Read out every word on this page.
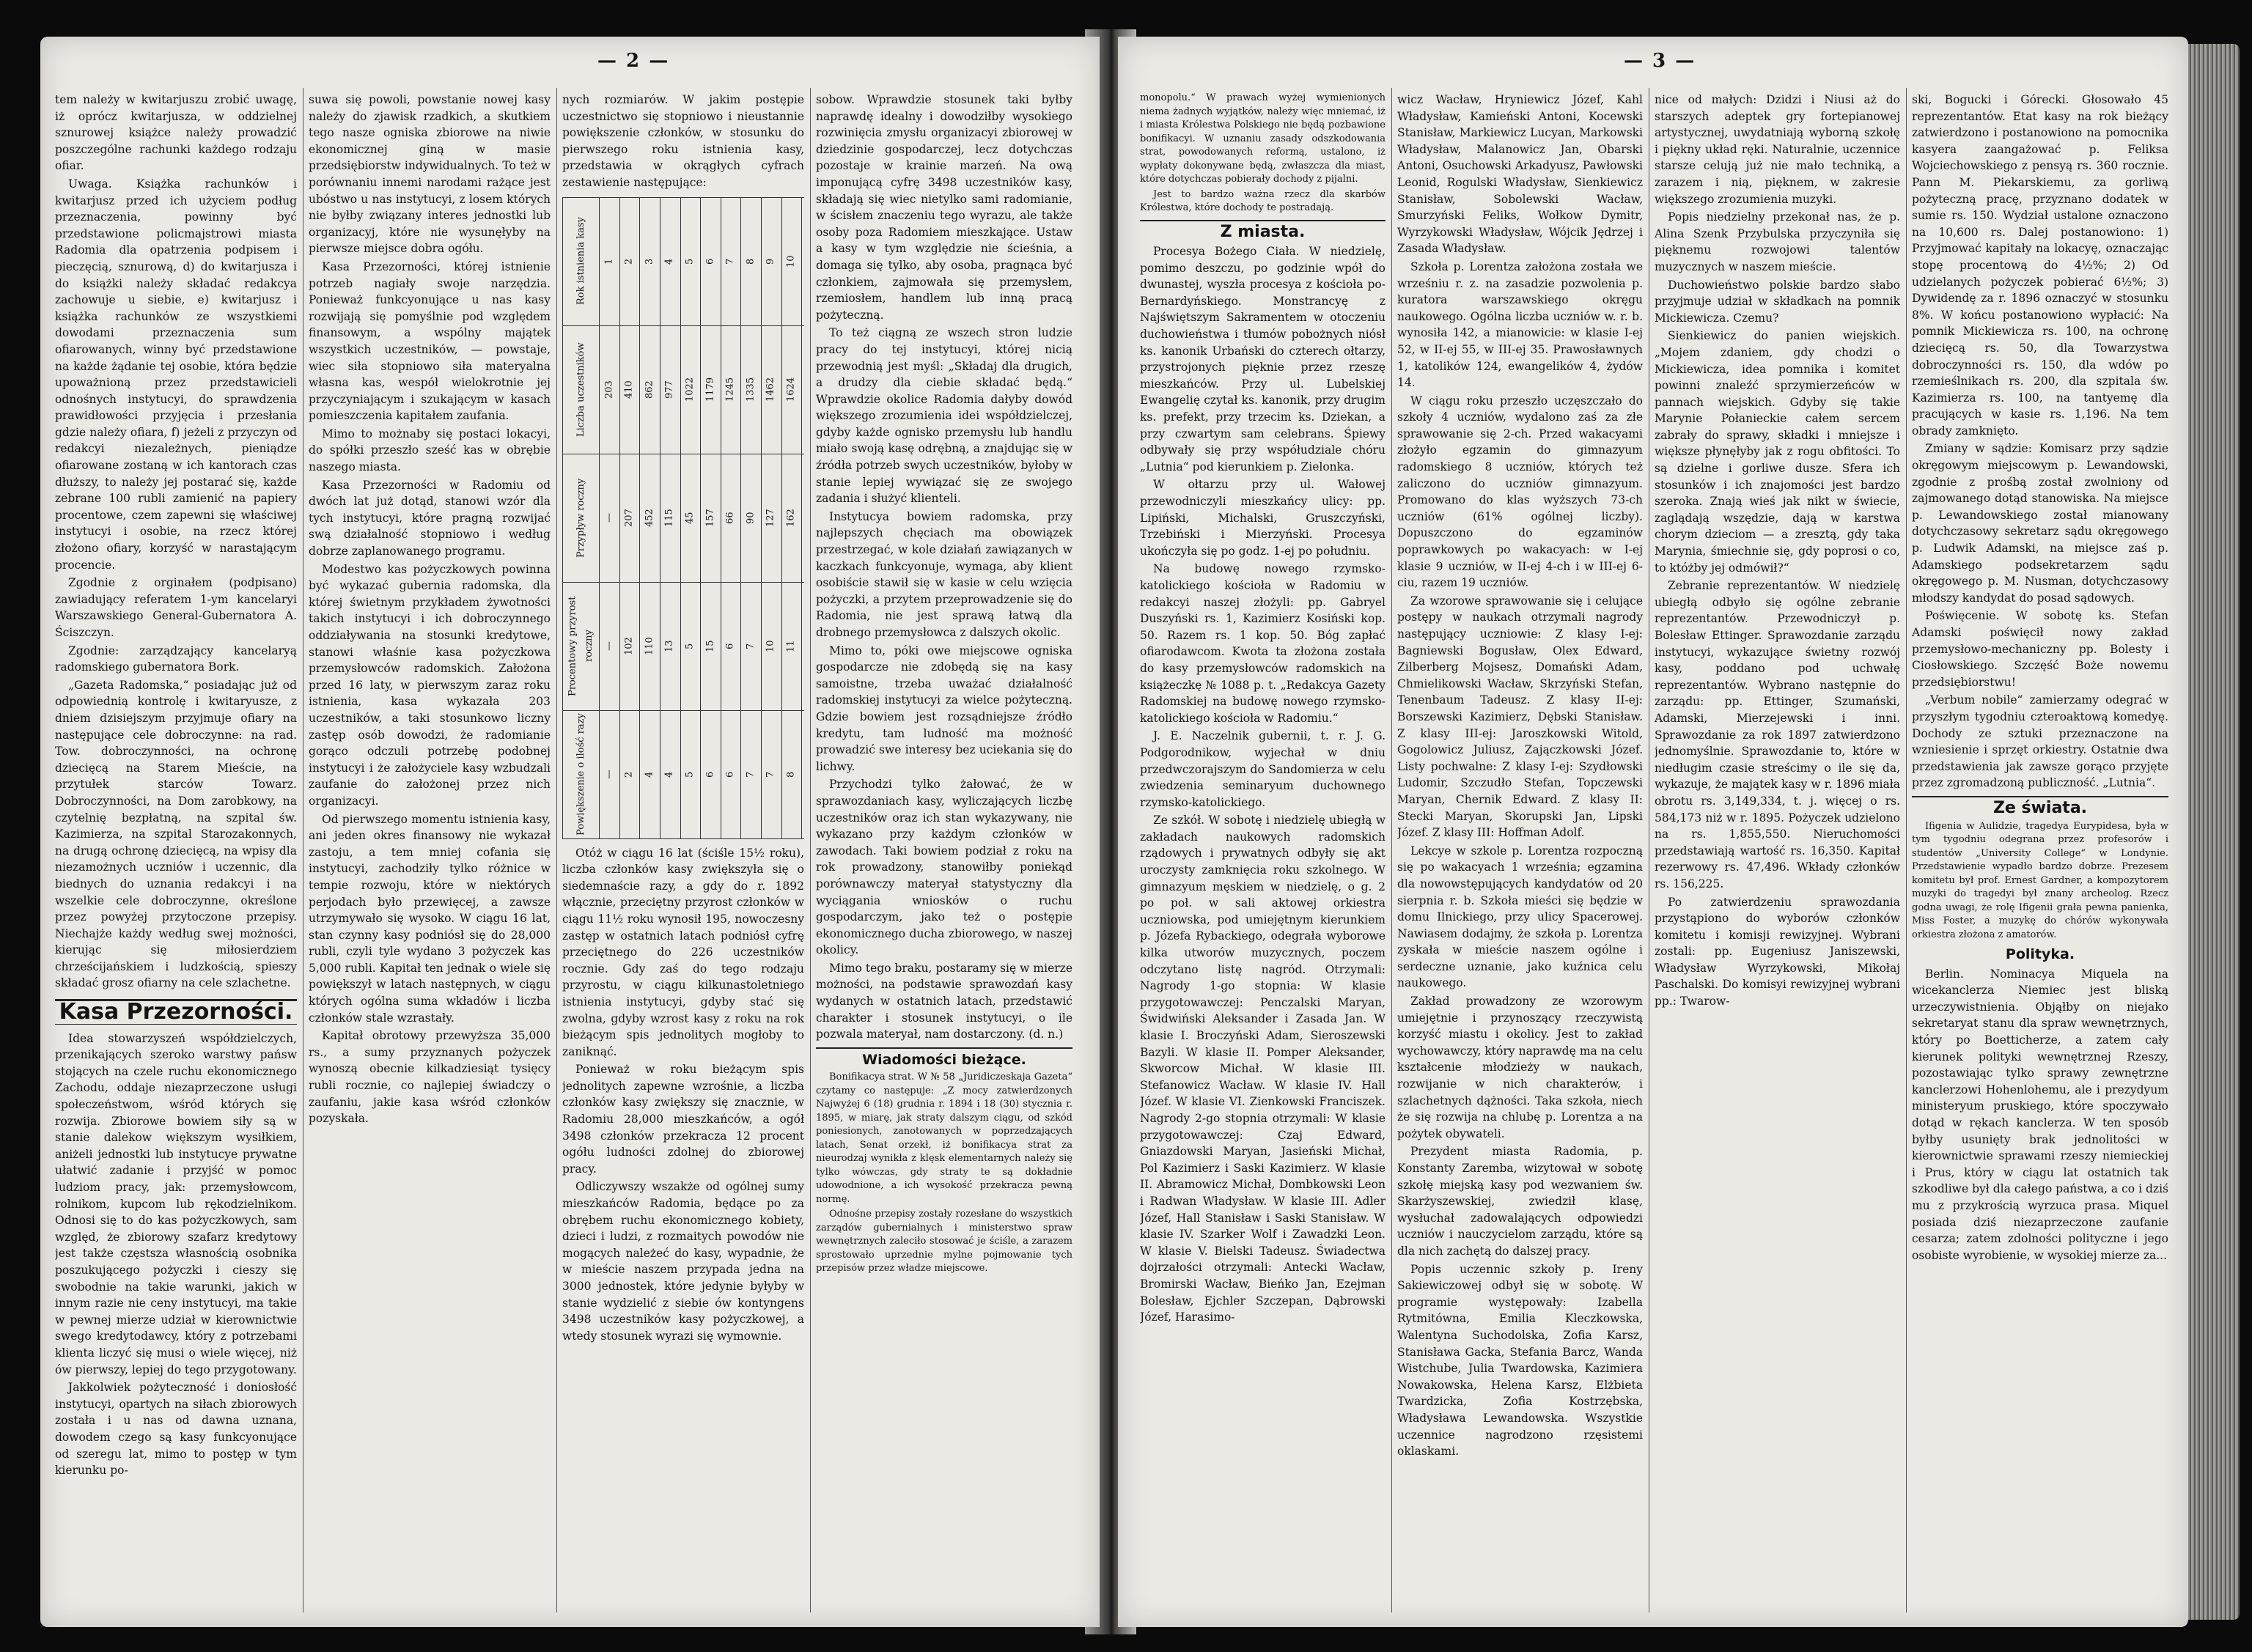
— 2 —

tem należy w kwitarjuszu zrobić uwagę, iż oprócz kwitarjusza, w oddzielnej sznurowej książce należy prowadzić poszczególne rachunki każdego rodzaju ofiar.

Uwaga. Książka rachunków i kwitarjusz przed ich użyciem podług przeznaczenia, powinny być przedstawione policmajstrowi miasta Radomia dla opatrzenia podpisem i pieczęcią, sznurową, d) do kwitarjusza i do książki należy składać redakcya zachowuje u siebie, e) kwitarjusz i książka rachunków ze wszystkiemi dowodami przeznaczenia sum ofiarowanych, winny być przedstawione na każde żądanie tej osobie, która będzie upoważnioną przez przedstawicieli odnośnych instytucyi, do sprawdzenia prawidłowości przyjęcia i przesłania gdzie należy ofiara, f) jeżeli z przyczyn od redakcyi niezależnych, pieniądze ofiarowane zostaną w ich kantorach czas dłuższy, to należy jej postarać się, każde zebrane 100 rubli zamienić na papiery procentowe, czem zapewni się właściwej instytucyi i osobie, na rzecz której złożono ofiary, korzyść w narastającym procencie.

Zgodnie z orginałem (podpisano) zawiadujący referatem 1-ym kancelaryi Warszawskiego General-Gubernatora A. Ściszczyn.

Zgodnie: zarządzający kancelaryą radomskiego gubernatora Bork.

„Gazeta Radomska,“ posiadając już od odpowiednią kontrolę i kwitaryusze, z dniem dzisiejszym przyjmuje ofiary na następujące cele dobroczynne: na rad. Tow. dobroczynności, na ochronę dziecięcą na Starem Mieście, na przytułek starców Towarz. Dobroczynności, na Dom zarobkowy, na czytelnię bezpłatną, na szpital św. Kazimierza, na szpital Starozakonnych, na drugą ochronę dziecięcą, na wpisy dla niezamożnych uczniów i uczennic, dla biednych do uznania redakcyi i na wszelkie cele dobroczynne, określone przez powyżej przytoczone przepisy. Niechajże każdy według swej możności, kierując się miłosierdziem chrześcijańskiem i ludzkością, spieszy składać grosz ofiarny na cele szlachetne.

Kasa Przezorności.

Idea stowarzyszeń współdzielczych, przenikających szeroko warstwy pańsw stojących na czele ruchu ekonomicznego Zachodu, oddaje niezaprzeczone usługi społeczeństwom, wśród których się rozwija. Zbiorowe bowiem siły są w stanie dalekow większym wysiłkiem, aniżeli jednostki lub instytucye prywatne ułatwić zadanie i przyjść w pomoc ludziom pracy, jak: przemysłowcom, rolnikom, kupcom lub rękodzielnikom. Odnosi się to do kas pożyczkowych, sam względ, że zbiorowy szafarz kredytowy jest także częstsza własnością osobnika poszukującego pożyczki i cieszy się swobodnie na takie warunki, jakich w innym razie nie ceny instytucyi, ma takie w pewnej mierze udział w kierownictwie swego kredytodawcy, który z potrzebami klienta liczyć się musi o wiele więcej, niż ów pierwszy, lepiej do tego przygotowany.

Jakkolwiek pożyteczność i doniosłość instytucyi, opartych na siłach zbiorowych została i u nas od dawna uznana, dowodem czego są kasy funkcyonujące od szeregu lat, mimo to postęp w tym kierunku po-

suwa się powoli, powstanie nowej kasy należy do zjawisk rzadkich, a skutkiem tego nasze ogniska zbiorowe na niwie ekonomicznej giną w masie przedsiębiorstw indywidualnych. To też w porównaniu innemi narodami rażące jest ubóstwo u nas instytucyi, z losem których nie byłby związany interes jednostki lub organizacyj, które nie wysunęłyby na pierwsze miejsce dobra ogółu.

Kasa Przezorności, której istnienie potrzeb nagiały swoje narzędzia. Ponieważ funkcyonujące u nas kasy rozwijają się pomyślnie pod względem finansowym, a wspólny majątek wszystkich uczestników, — powstaje, wiec siła stopniowo siła materyalna własna kas, wespół wielokrotnie jej przyczyniającym i szukającym w kasach pomieszczenia kapitałem zaufania.

Mimo to możnaby się postaci lokacyi, do spółki przeszło sześć kas w obrębie naszego miasta.

Kasa Przezorności w Radomiu od dwóch lat już dotąd, stanowi wzór dla tych instytucyi, które pragną rozwijać swą działalność stopniowo i według dobrze zaplanowanego programu.

Modestwo kas pożyczkowych powinna być wykazać gubernia radomska, dla której świetnym przykładem żywotności takich instytucyi i ich dobroczynnego oddziaływania na stosunki kredytowe, stanowi właśnie kasa pożyczkowa przemysłowców radomskich. Założona przed 16 laty, w pierwszym zaraz roku istnienia, kasa wykazała 203 uczestników, a taki stosunkowo liczny zastęp osób dowodzi, że radomianie gorąco odczuli potrzebę podobnej instytucyi i że założyciele kasy wzbudzali zaufanie do założonej przez nich organizacyi.

Od pierwszego momentu istnienia kasy, ani jeden okres finansowy nie wykazał zastoju, a tem mniej cofania się instytucyi, zachodziły tylko różnice w tempie rozwoju, które w niektórych perjodach było przewięcej, a zawsze utrzymywało się wysoko. W ciągu 16 lat, stan czynny kasy podniósł się do 28,000 rubli, czyli tyle wydano 3 pożyczek kas 5,000 rubli. Kapitał ten jednak o wiele się powiększył w latach następnych, w ciągu których ogólna suma wkładów i liczba członków stale wzrastały.

Kapitał obrotowy przewyższa 35,000 rs., a sumy przyznanych pożyczek wynoszą obecnie kilkadziesiąt tysięcy rubli rocznie, co najlepiej świadczy o zaufaniu, jakie kasa wśród członków pozyskała.

nych rozmiarów. W jakim postępie uczestnictwo się stopniowo i nieustannie powiększenie członków, w stosunku do pierwszego roku istnienia kasy, przedstawia w okrągłych cyfrach zestawienie następujące:

Rok istnienia kasy	1	2	3	4	5	6	7	8	9	10						
Liczba uczestników	203	410	862	977	1022	1179	1245	1335	1462	1624						
Przypływ roczny	—	207	452	115	45	157	66	90	127	162						
Procentowy przyrost roczny	—	102	110	13	5	15	6	7	10	11						
Powiększenie o ilość razy	—	2	4	4	5	6	6	7	7	8						

Otóż w ciągu 16 lat (ściśle 15½ roku), liczba członków kasy zwiększyła się o siedemnaście razy, a gdy do r. 1892 włącznie, przeciętny przyrost członków w ciągu 11½ roku wynosił 195, nowoczesny zastęp w ostatnich latach podniósł cyfrę przeciętnego do 226 uczestników rocznie. Gdy zaś do tego rodzaju przyrostu, w ciągu kilkunastoletniego istnienia instytucyi, gdyby stać się zwolna, gdyby wzrost kasy z roku na rok bieżącym spis jednolitych mogłoby to zaniknąć.

Ponieważ w roku bieżącym spis jednolitych zapewne wzrośnie, a liczba członków kasy zwiększy się znacznie, w Radomiu 28,000 mieszkańców, a ogół 3498 członków przekracza 12 procent ogółu ludności zdolnej do zbiorowej pracy.

Odliczywszy wszakże od ogólnej sumy mieszkańców Radomia, będące po za obrębem ruchu ekonomicznego kobiety, dzieci i ludzi, z rozmaitych powodów nie mogących należeć do kasy, wypadnie, że w mieście naszem przypada jedna na 3000 jednostek, które jedynie byłyby w stanie wydzielić z siebie ów kontyngens 3498 uczestników kasy pożyczkowej, a wtedy stosunek wyrazi się wymownie.

sobow. Wprawdzie stosunek taki byłby naprawdę idealny i dowodziłby wysokiego rozwinięcia zmysłu organizacyi zbiorowej w dziedzinie gospodarczej, lecz dotychczas pozostaje w krainie marzeń. Na ową imponującą cyfrę 3498 uczestników kasy, składają się wiec nietylko sami radomianie, w ścisłem znaczeniu tego wyrazu, ale także osoby poza Radomiem mieszkające. Ustaw a kasy w tym względzie nie ścieśnia, a domaga się tylko, aby osoba, pragnąca być członkiem, zajmowała się przemysłem, rzemiosłem, handlem lub inną pracą pożyteczną.

To też ciągną ze wszech stron ludzie pracy do tej instytucyi, której nicią przewodnią jest myśl: „Składaj dla drugich, a drudzy dla ciebie składać będą.“ Wprawdzie okolice Radomia dałyby dowód większego zrozumienia idei współdzielczej, gdyby każde ognisko przemysłu lub handlu miało swoją kasę odrębną, a znajdując się w źródła potrzeb swych uczestników, byłoby w stanie lepiej wywiązać się ze swojego zadania i służyć klienteli.

Instytucya bowiem radomska, przy najlepszych chęciach ma obowiązek przestrzegać, w kole działań zawiązanych w kaczkach funkcyonuje, wymaga, aby klient osobiście stawił się w kasie w celu wzięcia pożyczki, a przytem przeprowadzenie się do Radomia, nie jest sprawą łatwą dla drobnego przemysłowca z dalszych okolic.

Mimo to, póki owe miejscowe ogniska gospodarcze nie zdobędą się na kasy samoistne, trzeba uważać działalność radomskiej instytucyi za wielce pożyteczną. Gdzie bowiem jest rozsądniejsze źródło kredytu, tam ludność ma możność prowadzić swe interesy bez uciekania się do lichwy.

Przychodzi tylko żałować, że w sprawozdaniach kasy, wyliczających liczbę uczestników oraz ich stan wykazywany, nie wykazano przy każdym członków w zawodach. Taki bowiem podział z roku na rok prowadzony, stanowiłby poniekąd porównawczy materyał statystyczny dla wyciągania wniosków o ruchu gospodarczym, jako też o postępie ekonomicznego ducha zbiorowego, w naszej okolicy.

Mimo tego braku, postaramy się w mierze możności, na podstawie sprawozdań kasy wydanych w ostatnich latach, przedstawić charakter i stosunek instytucyi, o ile pozwala materyał, nam dostarczony. (d. n.)

Wiadomości bieżące.

Bonifikacya strat. W № 58 „Juridiczeskaja Gazeta“ czytamy co następuje: „Z mocy zatwierdzonych Najwyżej 6 (18) grudnia r. 1894 i 18 (30) stycznia r. 1895, w miarę, jak straty dalszym ciągu, od szkód poniesionych, zanotowanych w poprzedzających latach, Senat orzekł, iż bonifikacya strat za nieurodzaj wynikła z klęsk elementarnych należy się tylko wówczas, gdy straty te są dokładnie udowodnione, a ich wysokość przekracza pewną normę.

Odnośne przepisy zostały rozesłane do wszystkich zarządów gubernialnych i ministerstwo spraw wewnętrznych zaleciło stosować je ściśle, a zarazem sprostowało uprzednie mylne pojmowanie tych przepisów przez władze miejscowe.

— 3 —

monopolu.“ W prawach wyżej wymienionych niema żadnych wyjątków, należy więc mniemać, iż i miasta Królestwa Polskiego nie będą pozbawione bonifikacyi. W uznaniu zasady odszkodowania strat, powodowanych reformą, ustalono, iż wypłaty dokonywane będą, zwłaszcza dla miast, które dotychczas pobierały dochody z pijalni.

Jest to bardzo ważna rzecz dla skarbów Królestwa, które dochody te postradają.

Z miasta.

Procesya Bożego Ciała. W niedzielę, pomimo deszczu, po godzinie wpół do dwunastej, wyszła procesya z kościoła po-Bernardyńskiego. Monstrancyę z Najświętszym Sakramentem w otoczeniu duchowieństwa i tłumów pobożnych niósł ks. kanonik Urbański do czterech ołtarzy, przystrojonych pięknie przez rzeszę mieszkańców. Przy ul. Lubelskiej Ewangelię czytał ks. kanonik, przy drugim ks. prefekt, przy trzecim ks. Dziekan, a przy czwartym sam celebrans. Śpiewy odbywały się przy współudziale chóru „Lutnia“ pod kierunkiem p. Zielonka.

W ołtarzu przy ul. Wałowej przewodniczyli mieszkańcy ulicy: pp. Lipiński, Michalski, Gruszczyński, Trzebiński i Mierzyński. Procesya ukończyła się po godz. 1-ej po południu.

Na budowę nowego rzymsko-katolickiego kościoła w Radomiu w redakcyi naszej złożyli: pp. Gabryel Duszyński rs. 1, Kazimierz Kosiński kop. 50. Razem rs. 1 kop. 50. Bóg zapłać ofiarodawcom. Kwota ta złożona została do kasy przemysłowców radomskich na książeczkę № 1088 p. t. „Redakcya Gazety Radomskiej na budowę nowego rzymsko-katolickiego kościoła w Radomiu.“

J. E. Naczelnik gubernii, t. r. J. G. Podgorodnikow, wyjechał w dniu przedwczorajszym do Sandomierza w celu zwiedzenia seminaryum duchownego rzymsko-katolickiego.

Ze szkół. W sobotę i niedzielę ubiegłą w zakładach naukowych radomskich rządowych i prywatnych odbyły się akt uroczysty zamknięcia roku szkolnego. W gimnazyum męskiem w niedzielę, o g. 2 po poł. w sali aktowej orkiestra uczniowska, pod umiejętnym kierunkiem p. Józefa Rybackiego, odegrała wyborowe kilka utworów muzycznych, poczem odczytano listę nagród. Otrzymali: Nagrody 1-go stopnia: W klasie przygotowawczej: Penczalski Maryan, Świdwiński Aleksander i Zasada Jan. W klasie I. Broczyński Adam, Sieroszewski Bazyli. W klasie II. Pomper Aleksander, Skworcow Michał. W klasie III. Stefanowicz Wacław. W klasie IV. Hall Józef. W klasie VI. Zienkowski Franciszek. Nagrody 2-go stopnia otrzymali: W klasie przygotowawczej: Czaj Edward, Gniazdowski Maryan, Jasieński Michał, Pol Kazimierz i Saski Kazimierz. W klasie II. Abramowicz Michał, Dombkowski Leon i Radwan Władysław. W klasie III. Adler Józef, Hall Stanisław i Saski Stanisław. W klasie IV. Szarker Wolf i Zawadzki Leon. W klasie V. Bielski Tadeusz. Świadectwa dojrzałości otrzymali: Antecki Wacław, Bromirski Wacław, Bieńko Jan, Ezejman Bolesław, Ejchler Szczepan, Dąbrowski Józef, Harasimo-

wicz Wacław, Hryniewicz Józef, Kahl Władysław, Kamieński Antoni, Kocewski Stanisław, Markiewicz Lucyan, Markowski Władysław, Malanowicz Jan, Obarski Antoni, Osuchowski Arkadyusz, Pawłowski Leonid, Rogulski Władysław, Sienkiewicz Stanisław, Sobolewski Wacław, Smurzyński Feliks, Wołkow Dymitr, Wyrzykowski Władysław, Wójcik Jędrzej i Zasada Władysław.

Szkoła p. Lorentza założona została we wrześniu r. z. na zasadzie pozwolenia p. kuratora warszawskiego okręgu naukowego. Ogólna liczba uczniów w. r. b. wynosiła 142, a mianowicie: w klasie I-ej 52, w II-ej 55, w III-ej 35. Prawosławnych 1, katolików 124, ewangelików 4, żydów 14.

W ciągu roku przeszło uczęszczało do szkoły 4 uczniów, wydalono zaś za złe sprawowanie się 2-ch. Przed wakacyami złożyło egzamin do gimnazyum radomskiego 8 uczniów, których też zaliczono do uczniów gimnazyum. Promowano do klas wyższych 73-ch uczniów (61% ogólnej liczby). Dopuszczono do egzaminów poprawkowych po wakacyach: w I-ej klasie 9 uczniów, w II-ej 4-ch i w III-ej 6-ciu, razem 19 uczniów.

Za wzorowe sprawowanie się i celujące postępy w naukach otrzymali nagrody następujący uczniowie: Z klasy I-ej: Bagniewski Bogusław, Olex Edward, Zilberberg Mojsesz, Domański Adam, Chmielikowski Wacław, Skrzyński Stefan, Tenenbaum Tadeusz. Z klasy II-ej: Borszewski Kazimierz, Dębski Stanisław. Z klasy III-ej: Jaroszkowski Witold, Gogolowicz Juliusz, Zajączkowski Józef. Listy pochwalne: Z klasy I-ej: Szydłowski Ludomir, Szczudło Stefan, Topczewski Maryan, Chernik Edward. Z klasy II: Stecki Maryan, Skorupski Jan, Lipski Józef. Z klasy III: Hoffman Adolf.

Lekcye w szkole p. Lorentza rozpoczną się po wakacyach 1 września; egzamina dla nowowstępujących kandydatów od 20 sierpnia r. b. Szkoła mieści się będzie w domu Ilnickiego, przy ulicy Spacerowej. Nawiasem dodajmy, że szkoła p. Lorentza zyskała w mieście naszem ogólne i serdeczne uznanie, jako kuźnica celu naukowego.

Zakład prowadzony ze wzorowym umiejętnie i przynoszący rzeczywistą korzyść miastu i okolicy. Jest to zakład wychowawczy, który naprawdę ma na celu kształcenie młodzieży w naukach, rozwijanie w nich charakterów, i szlachetnych dążności. Taka szkoła, niech że się rozwija na chlubę p. Lorentza a na pożytek obywateli.

Prezydent miasta Radomia, p. Konstanty Zaremba, wizytował w sobotę szkołę miejską kasy pod wezwaniem św. Skarżyszewskiej, zwiedził klasę, wysłuchał zadowalających odpowiedzi uczniów i nauczycielom zarządu, które są dla nich zachętą do dalszej pracy.

Popis uczennic szkoły p. Ireny Sakiewiczowej odbył się w sobotę. W programie występowały: Izabella Rytmitówna, Emilia Kleczkowska, Walentyna Suchodolska, Zofia Karsz, Stanisława Gacka, Stefania Barcz, Wanda Wistchube, Julia Twardowska, Kazimiera Nowakowska, Helena Karsz, Elżbieta Twardzicka, Zofia Kostrzębska, Władysława Lewandowska. Wszystkie uczennice nagrodzono rzęsistemi oklaskami.

nice od małych: Dzidzi i Niusi aż do starszych adeptek gry fortepianowej artystycznej, uwydatniają wyborną szkołę i piękny układ ręki. Naturalnie, uczennice starsze celują już nie mało techniką, a zarazem i nią, pięknem, w zakresie większego zrozumienia muzyki.

Popis niedzielny przekonał nas, że p. Alina Szenk Przybulska przyczyniła się pięknemu rozwojowi talentów muzycznych w naszem mieście.

Duchowieństwo polskie bardzo słabo przyjmuje udział w składkach na pomnik Mickiewicza. Czemu?

Sienkiewicz do panien wiejskich. „Mojem zdaniem, gdy chodzi o Mickiewicza, idea pomnika i komitet powinni znaleźć sprzymierzeńców w pannach wiejskich. Gdyby się takie Marynie Połanieckie całem sercem zabrały do sprawy, składki i mniejsze i większe płynęłyby jak z rogu obfitości. To są dzielne i gorliwe dusze. Sfera ich stosunków i ich znajomości jest bardzo szeroka. Znają wieś jak nikt w świecie, zaglądają wszędzie, dają w karstwa chorym dzieciom — a zresztą, gdy taka Marynia, śmiechnie się, gdy poprosi o co, to któżby jej odmówił?“

Zebranie reprezentantów. W niedzielę ubiegłą odbyło się ogólne zebranie reprezentantów. Przewodniczył p. Bolesław Ettinger. Sprawozdanie zarządu instytucyi, wykazujące świetny rozwój kasy, poddano pod uchwałę reprezentantów. Wybrano następnie do zarządu: pp. Ettinger, Szumański, Adamski, Mierzejewski i inni. Sprawozdanie za rok 1897 zatwierdzono jednomyślnie. Sprawozdanie to, które w niedługim czasie streścimy o ile się da, wykazuje, że majątek kasy w r. 1896 miała obrotu rs. 3,149,334, t. j. więcej o rs. 584,173 niż w r. 1895. Pożyczek udzielono na rs. 1,855,550. Nieruchomości przedstawiają wartość rs. 16,350. Kapitał rezerwowy rs. 47,496. Wkłady członków rs. 156,225.

Po zatwierdzeniu sprawozdania przystąpiono do wyborów członków komitetu i komisji rewizyjnej. Wybrani zostali: pp. Eugeniusz Janiszewski, Władysław Wyrzykowski, Mikołaj Paschalski. Do komisyi rewizyjnej wybrani pp.: Twarow-

ski, Bogucki i Górecki. Głosowało 45 reprezentantów. Etat kasy na rok bieżący zatwierdzono i postanowiono na pomocnika kasyera zaangażować p. Feliksa Wojciechowskiego z pensyą rs. 360 rocznie. Pann M. Piekarskiemu, za gorliwą pożyteczną pracę, przyznano dodatek w sumie rs. 150. Wydział ustalone oznaczono na 10,600 rs. Dalej postanowiono: 1) Przyjmować kapitały na lokacyę, oznaczając stopę procentową do 4½%; 2) Od udzielanych pożyczek pobierać 6½%; 3) Dywidendę za r. 1896 oznaczyć w stosunku 8%. W końcu postanowiono wypłacić: Na pomnik Mickiewicza rs. 100, na ochronę dziecięcą rs. 50, dla Towarzystwa dobroczynności rs. 150, dla wdów po rzemieślnikach rs. 200, dla szpitala św. Kazimierza rs. 100, na tantyemę dla pracujących w kasie rs. 1,196. Na tem obrady zamknięto.

Zmiany w sądzie: Komisarz przy sądzie okręgowym miejscowym p. Lewandowski, zgodnie z prośbą został zwolniony od zajmowanego dotąd stanowiska. Na miejsce p. Lewandowskiego został mianowany dotychczasowy sekretarz sądu okręgowego p. Ludwik Adamski, na miejsce zaś p. Adamskiego podsekretarzem sądu okręgowego p. M. Nusman, dotychczasowy młodszy kandydat do posad sądowych.

Poświęcenie. W sobotę ks. Stefan Adamski poświęcił nowy zakład przemysłowo-mechaniczny pp. Bolesty i Ciosłowskiego. Szczęść Boże nowemu przedsiębiorstwu!

„Verbum nobile“ zamierzamy odegrać w przyszłym tygodniu czteroaktową komedyę. Dochody ze sztuki przeznaczone na wzniesienie i sprzęt orkiestry. Ostatnie dwa przedstawienia jak zawsze gorąco przyjęte przez zgromadzoną publiczność. „Lutnia“.

Ze świata.

Ifigenia w Aulidzie, tragedya Eurypidesa, była w tym tygodniu odegrana przez profesorów i studentów „University College“ w Londynie. Przedstawienie wypadło bardzo dobrze. Prezesem komitetu był prof. Ernest Gardner, a kompozytorem muzyki do tragedyi był znany archeolog. Rzecz godna uwagi, że rolę Ifigenii grała pewna panienka, Miss Foster, a muzykę do chórów wykonywała orkiestra złożona z amatorów.

Polityka.

Berlin. Nominacya Miquela na wicekanclerza Niemiec jest bliską urzeczywistnienia. Objąłby on niejako sekretaryat stanu dla spraw wewnętrznych, który po Boetticherze, a zatem cały kierunek polityki wewnętrznej Rzeszy, pozostawiając tylko sprawy zewnętrzne kanclerzowi Hohenlohemu, ale i prezydyum ministeryum pruskiego, które spoczywało dotąd w rękach kanclerza. W ten sposób byłby usunięty brak jednolitości w kierownictwie sprawami rzeszy niemieckiej i Prus, który w ciągu lat ostatnich tak szkodliwe był dla całego państwa, a co i dziś mu z przykrością wyrzuca prasa. Miquel posiada dziś niezaprzeczone zaufanie cesarza; zatem zdolności polityczne i jego osobiste wyrobienie, w wysokiej mierze za...
